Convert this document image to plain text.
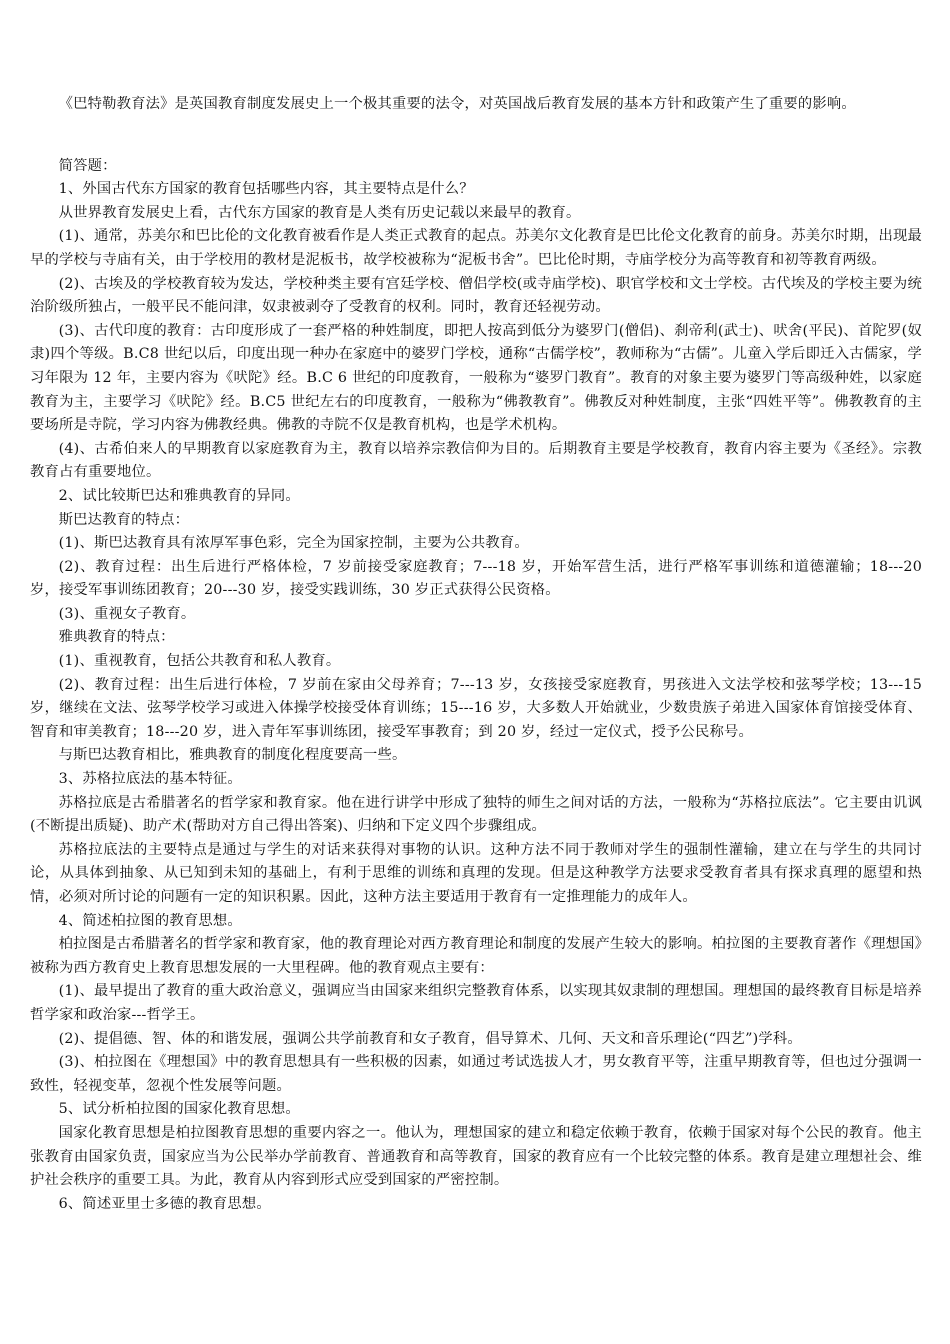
《巴特勒教育法》是英国教育制度发展史上一个极其重要的法令，对英国战后教育发展的基本方针和政策产生了重要的影响。

简答题：

1、外国古代东方国家的教育包括哪些内容，其主要特点是什么？

从世界教育发展史上看，古代东方国家的教育是人类有历史记载以来最早的教育。

(1)、通常，苏美尔和巴比伦的文化教育被看作是人类正式教育的起点。苏美尔文化教育是巴比伦文化教育的前身。苏美尔时期，出现最早的学校与寺庙有关，由于学校用的教材是泥板书，故学校被称为“泥板书舍”。巴比伦时期，寺庙学校分为高等教育和初等教育两级。

(2)、古埃及的学校教育较为发达，学校种类主要有宫廷学校、僧侣学校(或寺庙学校)、职官学校和文士学校。古代埃及的学校主要为统治阶级所独占，一般平民不能问津，奴隶被剥夺了受教育的权利。同时，教育还轻视劳动。

(3)、古代印度的教育：古印度形成了一套严格的种姓制度，即把人按高到低分为婆罗门(僧侣)、刹帝利(武士)、吠舍(平民)、首陀罗(奴隶)四个等级。B.C8 世纪以后，印度出现一种办在家庭中的婆罗门学校，通称“古儒学校”，教师称为“古儒”。儿童入学后即迁入古儒家，学习年限为 12 年，主要内容为《吠陀》经。B.C 6 世纪的印度教育，一般称为“婆罗门教育”。教育的对象主要为婆罗门等高级种姓，以家庭教育为主，主要学习《吠陀》经。B.C5 世纪左右的印度教育，一般称为“佛教教育”。佛教反对种姓制度，主张“四姓平等”。佛教教育的主要场所是寺院，学习内容为佛教经典。佛教的寺院不仅是教育机构，也是学术机构。

(4)、古希伯来人的早期教育以家庭教育为主，教育以培养宗教信仰为目的。后期教育主要是学校教育，教育内容主要为《圣经》。宗教教育占有重要地位。

2、试比较斯巴达和雅典教育的异同。

斯巴达教育的特点：

(1)、斯巴达教育具有浓厚军事色彩，完全为国家控制，主要为公共教育。

(2)、教育过程：出生后进行严格体检，7 岁前接受家庭教育；7---18 岁，开始军营生活，进行严格军事训练和道德灌输；18---20 岁，接受军事训练团教育；20---30 岁，接受实践训练，30 岁正式获得公民资格。

(3)、重视女子教育。

雅典教育的特点：

(1)、重视教育，包括公共教育和私人教育。

(2)、教育过程：出生后进行体检，7 岁前在家由父母养育；7---13 岁，女孩接受家庭教育，男孩进入文法学校和弦琴学校；13---15 岁，继续在文法、弦琴学校学习或进入体操学校接受体育训练；15---16 岁，大多数人开始就业，少数贵族子弟进入国家体育馆接受体育、智育和审美教育；18---20 岁，进入青年军事训练团，接受军事教育；到 20 岁，经过一定仪式，授予公民称号。

与斯巴达教育相比，雅典教育的制度化程度要高一些。

3、苏格拉底法的基本特征。

苏格拉底是古希腊著名的哲学家和教育家。他在进行讲学中形成了独特的师生之间对话的方法，一般称为“苏格拉底法”。它主要由讥讽(不断提出质疑)、助产术(帮助对方自己得出答案)、归纳和下定义四个步骤组成。

苏格拉底法的主要特点是通过与学生的对话来获得对事物的认识。这种方法不同于教师对学生的强制性灌输，建立在与学生的共同讨论，从具体到抽象、从已知到未知的基础上，有利于思维的训练和真理的发现。但是这种教学方法要求受教育者具有探求真理的愿望和热情，必须对所讨论的问题有一定的知识积累。因此，这种方法主要适用于教育有一定推理能力的成年人。

4、简述柏拉图的教育思想。

柏拉图是古希腊著名的哲学家和教育家，他的教育理论对西方教育理论和制度的发展产生较大的影响。柏拉图的主要教育著作《理想国》被称为西方教育史上教育思想发展的一大里程碑。他的教育观点主要有：

(1)、最早提出了教育的重大政治意义，强调应当由国家来组织完整教育体系，以实现其奴隶制的理想国。理想国的最终教育目标是培养哲学家和政治家---哲学王。

(2)、提倡德、智、体的和谐发展，强调公共学前教育和女子教育，倡导算术、几何、天文和音乐理论(“四艺”)学科。

(3)、柏拉图在《理想国》中的教育思想具有一些积极的因素，如通过考试选拔人才，男女教育平等，注重早期教育等，但也过分强调一致性，轻视变革，忽视个性发展等问题。

5、试分析柏拉图的国家化教育思想。

国家化教育思想是柏拉图教育思想的重要内容之一。他认为，理想国家的建立和稳定依赖于教育，依赖于国家对每个公民的教育。他主张教育由国家负责，国家应当为公民举办学前教育、普通教育和高等教育，国家的教育应有一个比较完整的体系。教育是建立理想社会、维护社会秩序的重要工具。为此，教育从内容到形式应受到国家的严密控制。

6、简述亚里士多德的教育思想。
